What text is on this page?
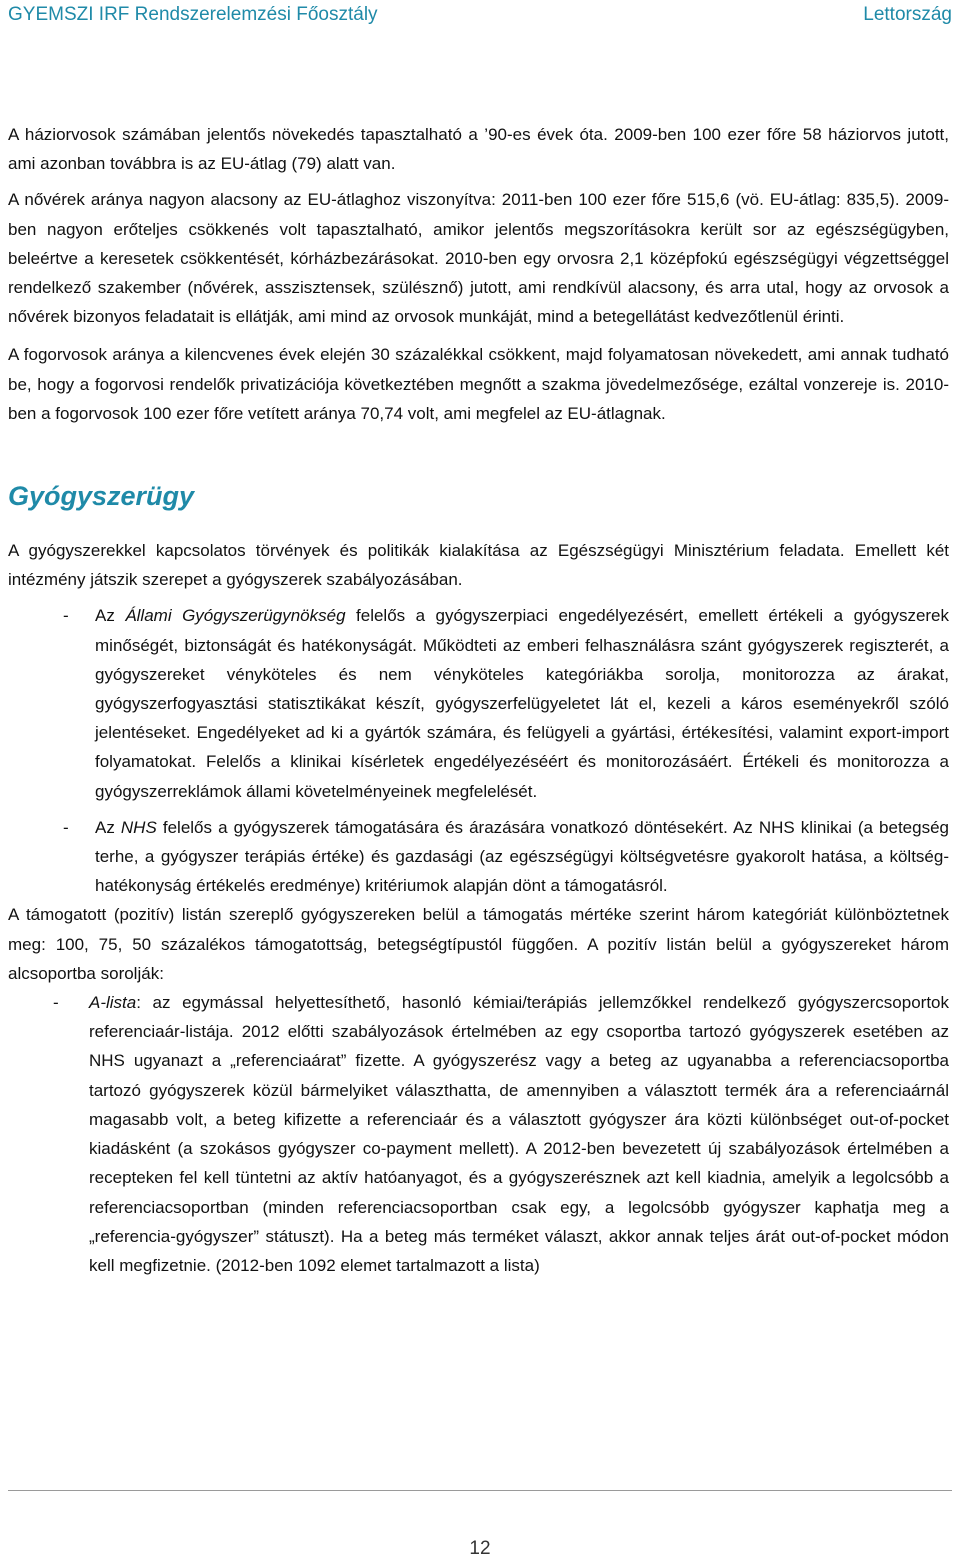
GYEMSZI IRF Rendszerelemzési Főosztály	Lettország

A háziorvosok számában jelentős növekedés tapasztalható a ’90-es évek óta. 2009-ben 100 ezer főre 58 háziorvos jutott, ami azonban továbbra is az EU-átlag (79) alatt van.

A nővérek aránya nagyon alacsony az EU-átlaghoz viszonyítva: 2011-ben 100 ezer főre 515,6 (vö. EU-átlag: 835,5). 2009-ben nagyon erőteljes csökkenés volt tapasztalható, amikor jelentős megszorításokra került sor az egészségügyben, beleértve a keresetek csökkentését, kórházbezárásokat. 2010-ben egy orvosra 2,1 középfokú egészségügyi végzettséggel rendelkező szakember (nővérek, asszisztensek, szülésznő) jutott, ami rendkívül alacsony, és arra utal, hogy az orvosok a nővérek bizonyos feladatait is ellátják, ami mind az orvosok munkáját, mind a betegellátást kedvezőtlenül érinti.

A fogorvosok aránya a kilencvenes évek elején 30 százalékkal csökkent, majd folyamatosan növekedett, ami annak tudható be, hogy a fogorvosi rendelők privatizációja következtében megnőtt a szakma jövedelmezősége, ezáltal vonzereje is. 2010-ben a fogorvosok 100 ezer főre vetített aránya 70,74 volt, ami megfelel az EU-átlagnak.

Gyógyszerügy

A gyógyszerekkel kapcsolatos törvények és politikák kialakítása az Egészségügyi Minisztérium feladata. Emellett két intézmény játszik szerepet a gyógyszerek szabályozásában.

- Az Állami Gyógyszerügynökség felelős a gyógyszerpiaci engedélyezésért, emellett értékeli a gyógyszerek minőségét, biztonságát és hatékonyságát. Működteti az emberi felhasználásra szánt gyógyszerek regiszterét, a gyógyszereket vényköteles és nem vényköteles kategóriákba sorolja, monitorozza az árakat, gyógyszerfogyasztási statisztikákat készít, gyógyszerfelügyeletet lát el, kezeli a káros eseményekről szóló jelentéseket. Engedélyeket ad ki a gyártók számára, és felügyeli a gyártási, értékesítési, valamint export-import folyamatokat. Felelős a klinikai kísérletek engedélyezéséért és monitorozásáért. Értékeli és monitorozza a gyógyszerreklámok állami követelményeinek megfelelését.
- Az NHS felelős a gyógyszerek támogatására és árazására vonatkozó döntésekért. Az NHS klinikai (a betegség terhe, a gyógyszer terápiás értéke) és gazdasági (az egészségügyi költségvetésre gyakorolt hatása, a költség-hatékonyság értékelés eredménye) kritériumok alapján dönt a támogatásról.

A támogatott (pozitív) listán szereplő gyógyszereken belül a támogatás mértéke szerint három kategóriát különböztetnek meg: 100, 75, 50 százalékos támogatottság, betegségtípustól függően. A pozitív listán belül a gyógyszereket három alcsoportba sorolják:

- A-lista: az egymással helyettesíthető, hasonló kémiai/terápiás jellemzőkkel rendelkező gyógyszercsoportok referenciaár-listája. 2012 előtti szabályozások értelmében az egy csoportba tartozó gyógyszerek esetében az NHS ugyanazt a „referenciaárat” fizette. A gyógyszerész vagy a beteg az ugyanabba a referenciacsoportba tartozó gyógyszerek közül bármelyiket választhatta, de amennyiben a választott termék ára a referenciaárnál magasabb volt, a beteg kifizette a referenciaár és a választott gyógyszer ára közti különbséget out-of-pocket kiadásként (a szokásos gyógyszer co-payment mellett). A 2012-ben bevezetett új szabályozások értelmében a recepteken fel kell tüntetni az aktív hatóanyagot, és a gyógyszerésznek azt kell kiadnia, amelyik a legolcsóbb a referenciacsoportban (minden referenciacsoportban csak egy, a legolcsóbb gyógyszer kaphatja meg a „referencia-gyógyszer” státuszt). Ha a beteg más terméket választ, akkor annak teljes árát out-of-pocket módon kell megfizetnie. (2012-ben 1092 elemet tartalmazott a lista)
12
